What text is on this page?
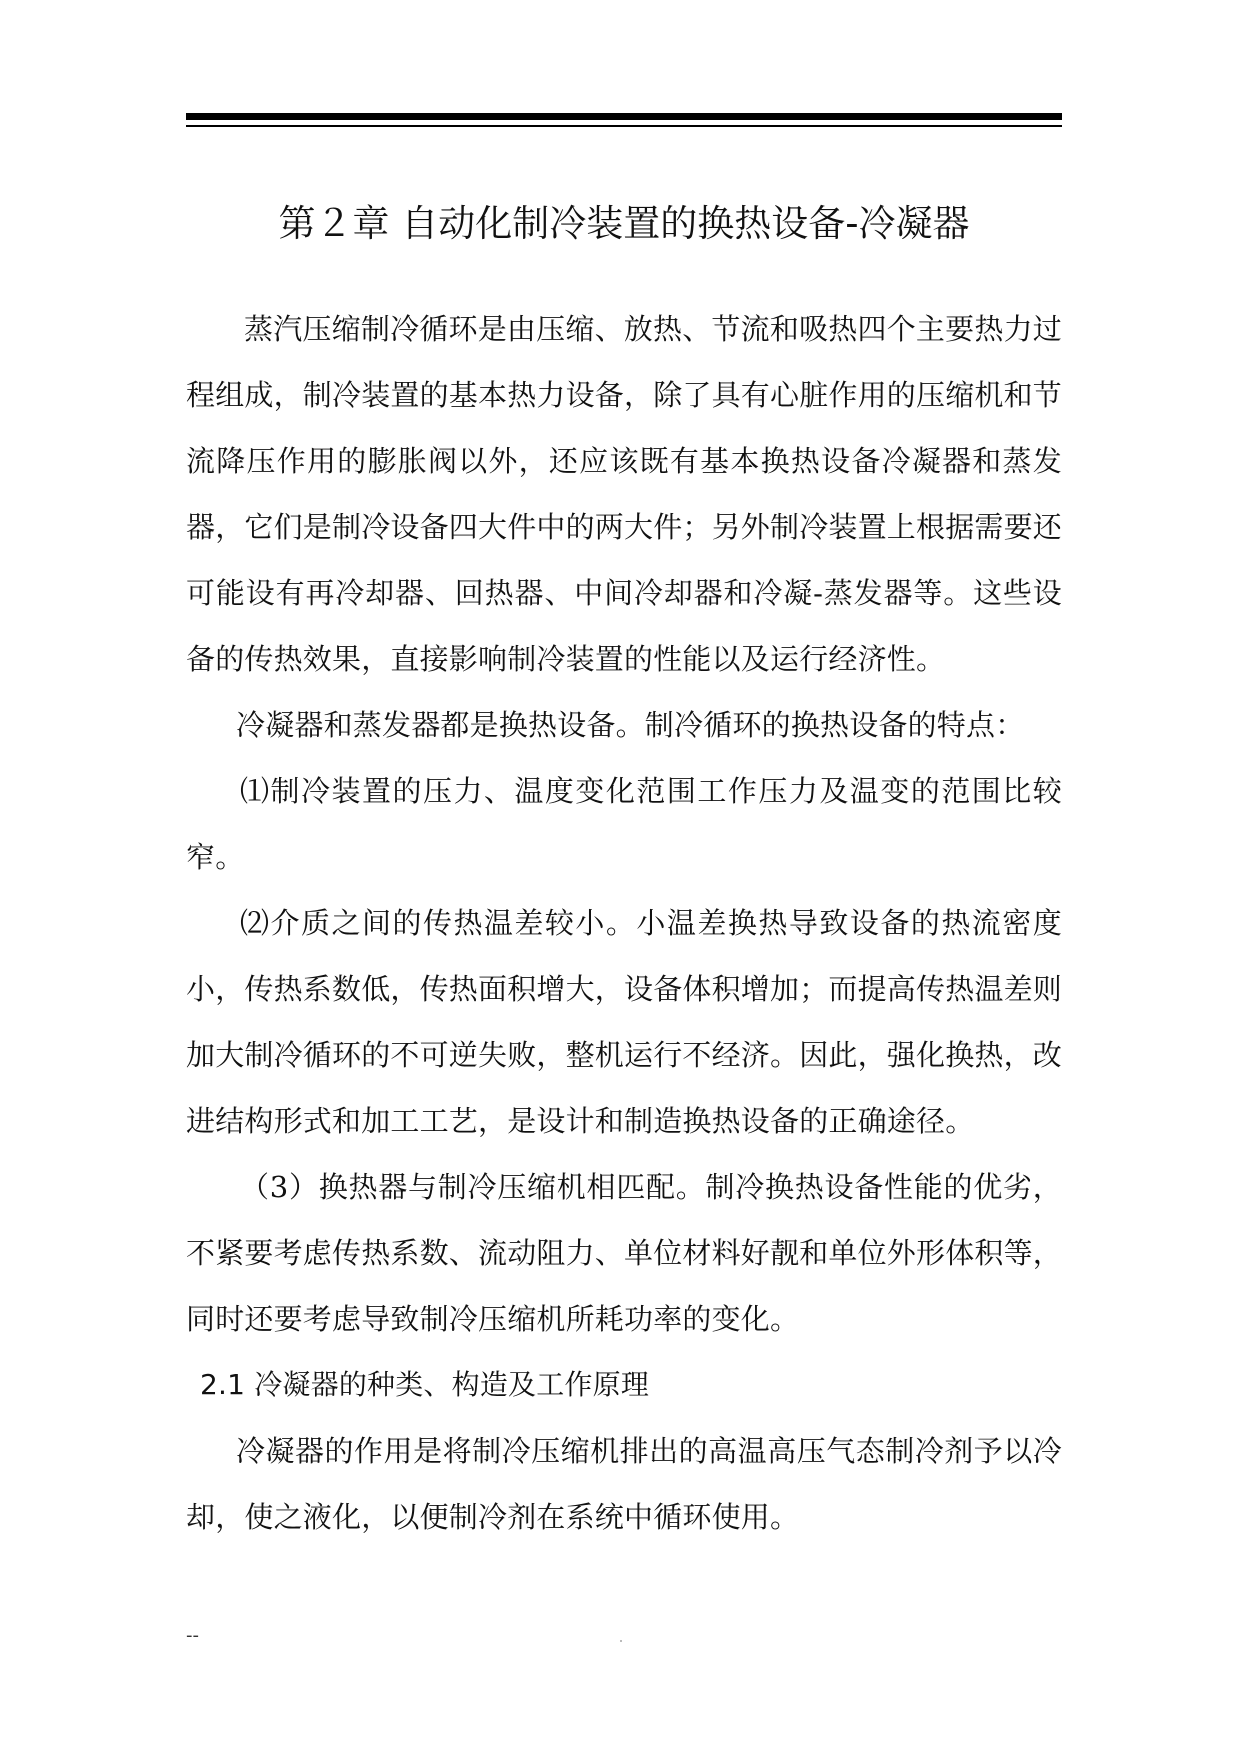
第２章 自动化制冷装置的换热设备-冷凝器

蒸汽压缩制冷循环是由压缩、放热、节流和吸热四个主要热力过程组成，制冷装置的基本热力设备，除了具有心脏作用的压缩机和节流降压作用的膨胀阀以外，还应该既有基本换热设备冷凝器和蒸发器，它们是制冷设备四大件中的两大件；另外制冷装置上根据需要还可能设有再冷却器、回热器、中间冷却器和冷凝-蒸发器等。这些设备的传热效果，直接影响制冷装置的性能以及运行经济性。

冷凝器和蒸发器都是换热设备。制冷循环的换热设备的特点：

⑴制冷装置的压力、温度变化范围工作压力及温变的范围比较窄。

⑵介质之间的传热温差较小。小温差换热导致设备的热流密度小，传热系数低，传热面积增大，设备体积增加；而提高传热温差则加大制冷循环的不可逆失败，整机运行不经济。因此，强化换热，改进结构形式和加工工艺，是设计和制造换热设备的正确途径。

（3）换热器与制冷压缩机相匹配。制冷换热设备性能的优劣，不紧要考虑传热系数、流动阻力、单位材料好靓和单位外形体积等，同时还要考虑导致制冷压缩机所耗功率的变化。

2.1 冷凝器的种类、构造及工作原理

冷凝器的作用是将制冷压缩机排出的高温高压气态制冷剂予以冷却，使之液化，以便制冷剂在系统中循环使用。

--
